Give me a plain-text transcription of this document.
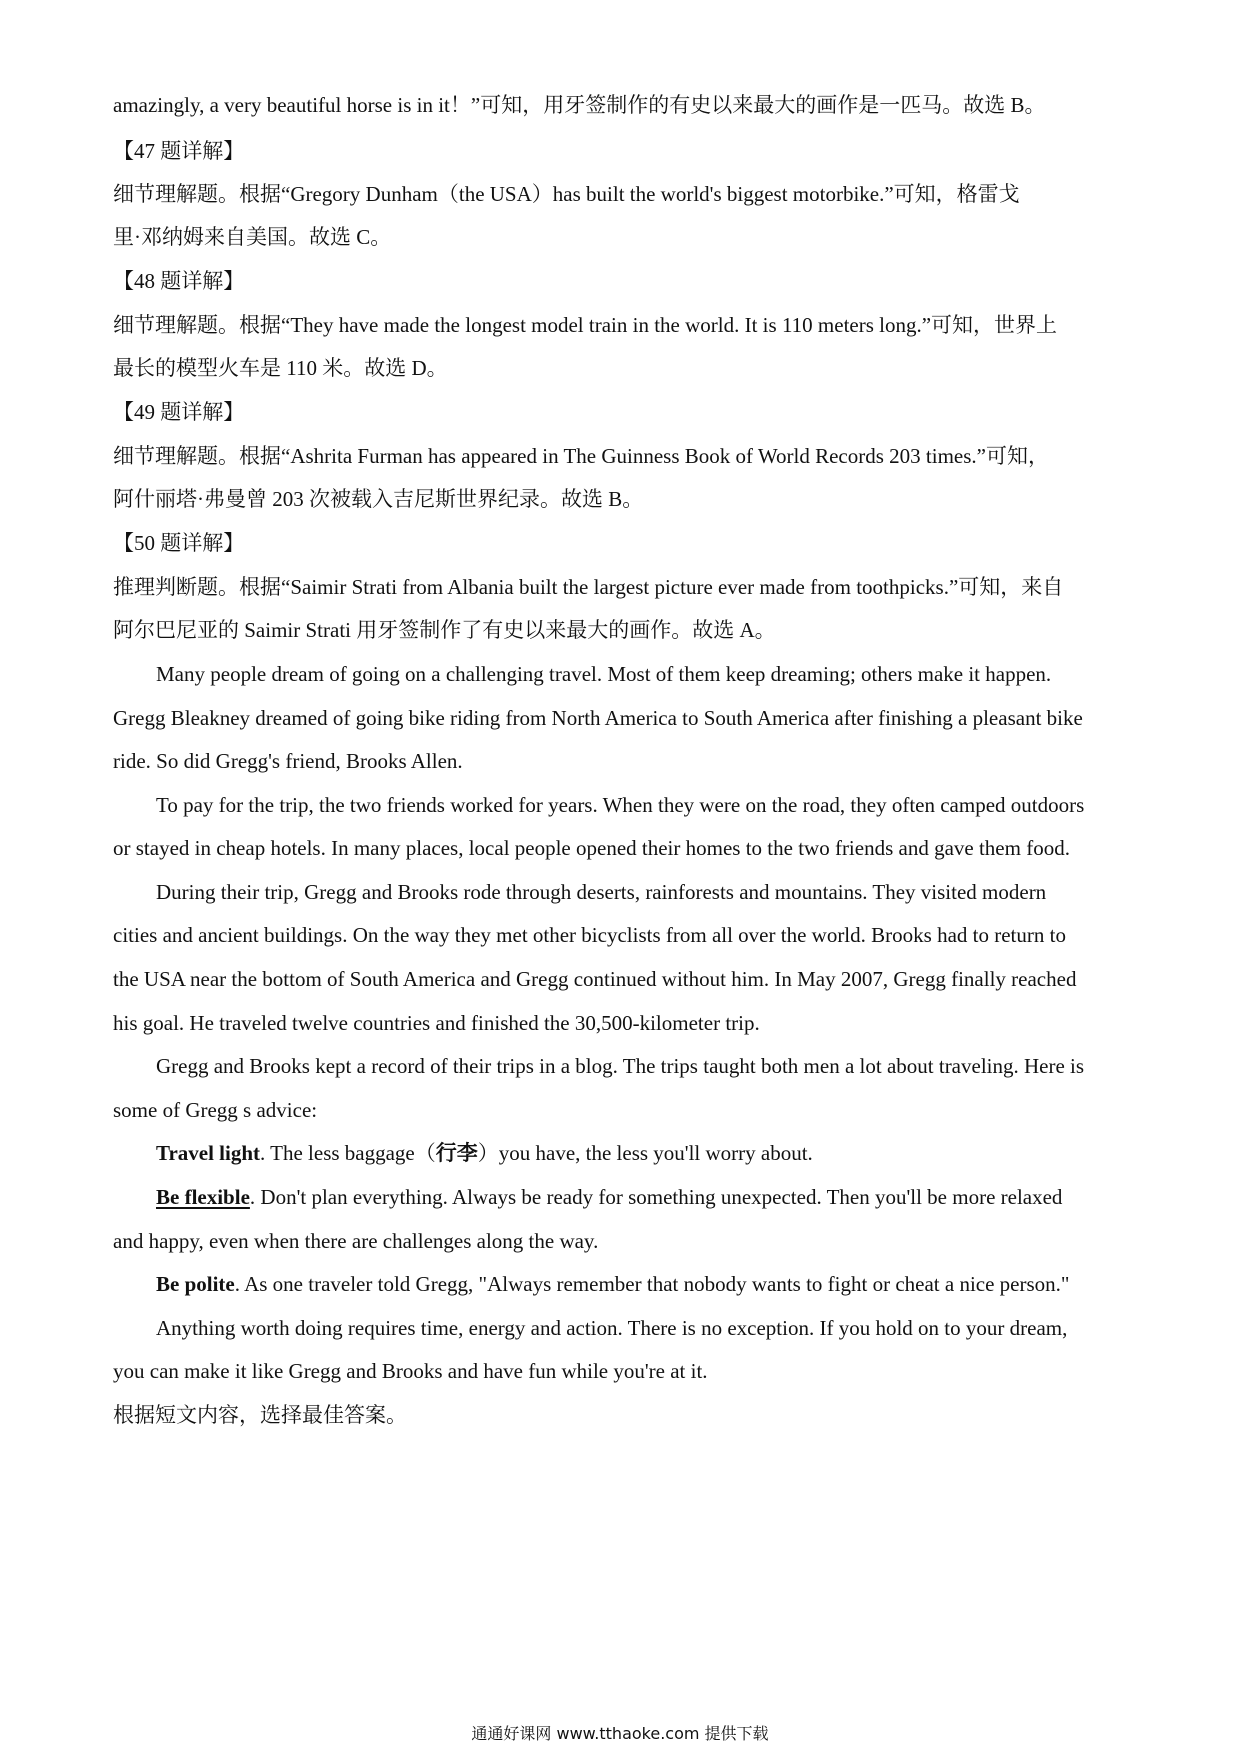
amazingly, a very beautiful horse is in it！”可知，用牙签制作的有史以来最大的画作是一匹马。故选 B。
【47 题详解】
细节理解题。根据“Gregory Dunham（the USA）has built the world's biggest motorbike.”可知，格雷戈
里·邓纳姆来自美国。故选 C。
【48 题详解】
细节理解题。根据“They have made the longest model train in the world. It is 110 meters long.”可知，世界上
最长的模型火车是 110 米。故选 D。
【49 题详解】
细节理解题。根据“Ashrita Furman has appeared in The Guinness Book of World Records 203 times.”可知，
阿什丽塔·弗曼曾 203 次被载入吉尼斯世界纪录。故选 B。
【50 题详解】
推理判断题。根据“Saimir Strati from Albania built the largest picture ever made from toothpicks.”可知，来自
阿尔巴尼亚的 Saimir Strati 用牙签制作了有史以来最大的画作。故选 A。
Many people dream of going on a challenging travel. Most of them keep dreaming; others make it happen.
Gregg Bleakney dreamed of going bike riding from North America to South America after finishing a pleasant bike
ride. So did Gregg's friend, Brooks Allen.
To pay for the trip, the two friends worked for years. When they were on the road, they often camped outdoors
or stayed in cheap hotels. In many places, local people opened their homes to the two friends and gave them food.
During their trip, Gregg and Brooks rode through deserts, rainforests and mountains. They visited modern
cities and ancient buildings. On the way they met other bicyclists from all over the world. Brooks had to return to
the USA near the bottom of South America and Gregg continued without him. In May 2007, Gregg finally reached
his goal. He traveled twelve countries and finished the 30,500-kilometer trip.
Gregg and Brooks kept a record of their trips in a blog. The trips taught both men a lot about traveling. Here is
some of Gregg s advice:
Travel light. The less baggage（行李）you have, the less you'll worry about.
Be flexible. Don't plan everything. Always be ready for something unexpected. Then you'll be more relaxed
and happy, even when there are challenges along the way.
Be polite. As one traveler told Gregg, "Always remember that nobody wants to fight or cheat a nice person."
Anything worth doing requires time, energy and action. There is no exception. If you hold on to your dream,
you can make it like Gregg and Brooks and have fun while you're at it.
根据短文内容，选择最佳答案。
通通好课网 www.tthaoke.com 提供下载
